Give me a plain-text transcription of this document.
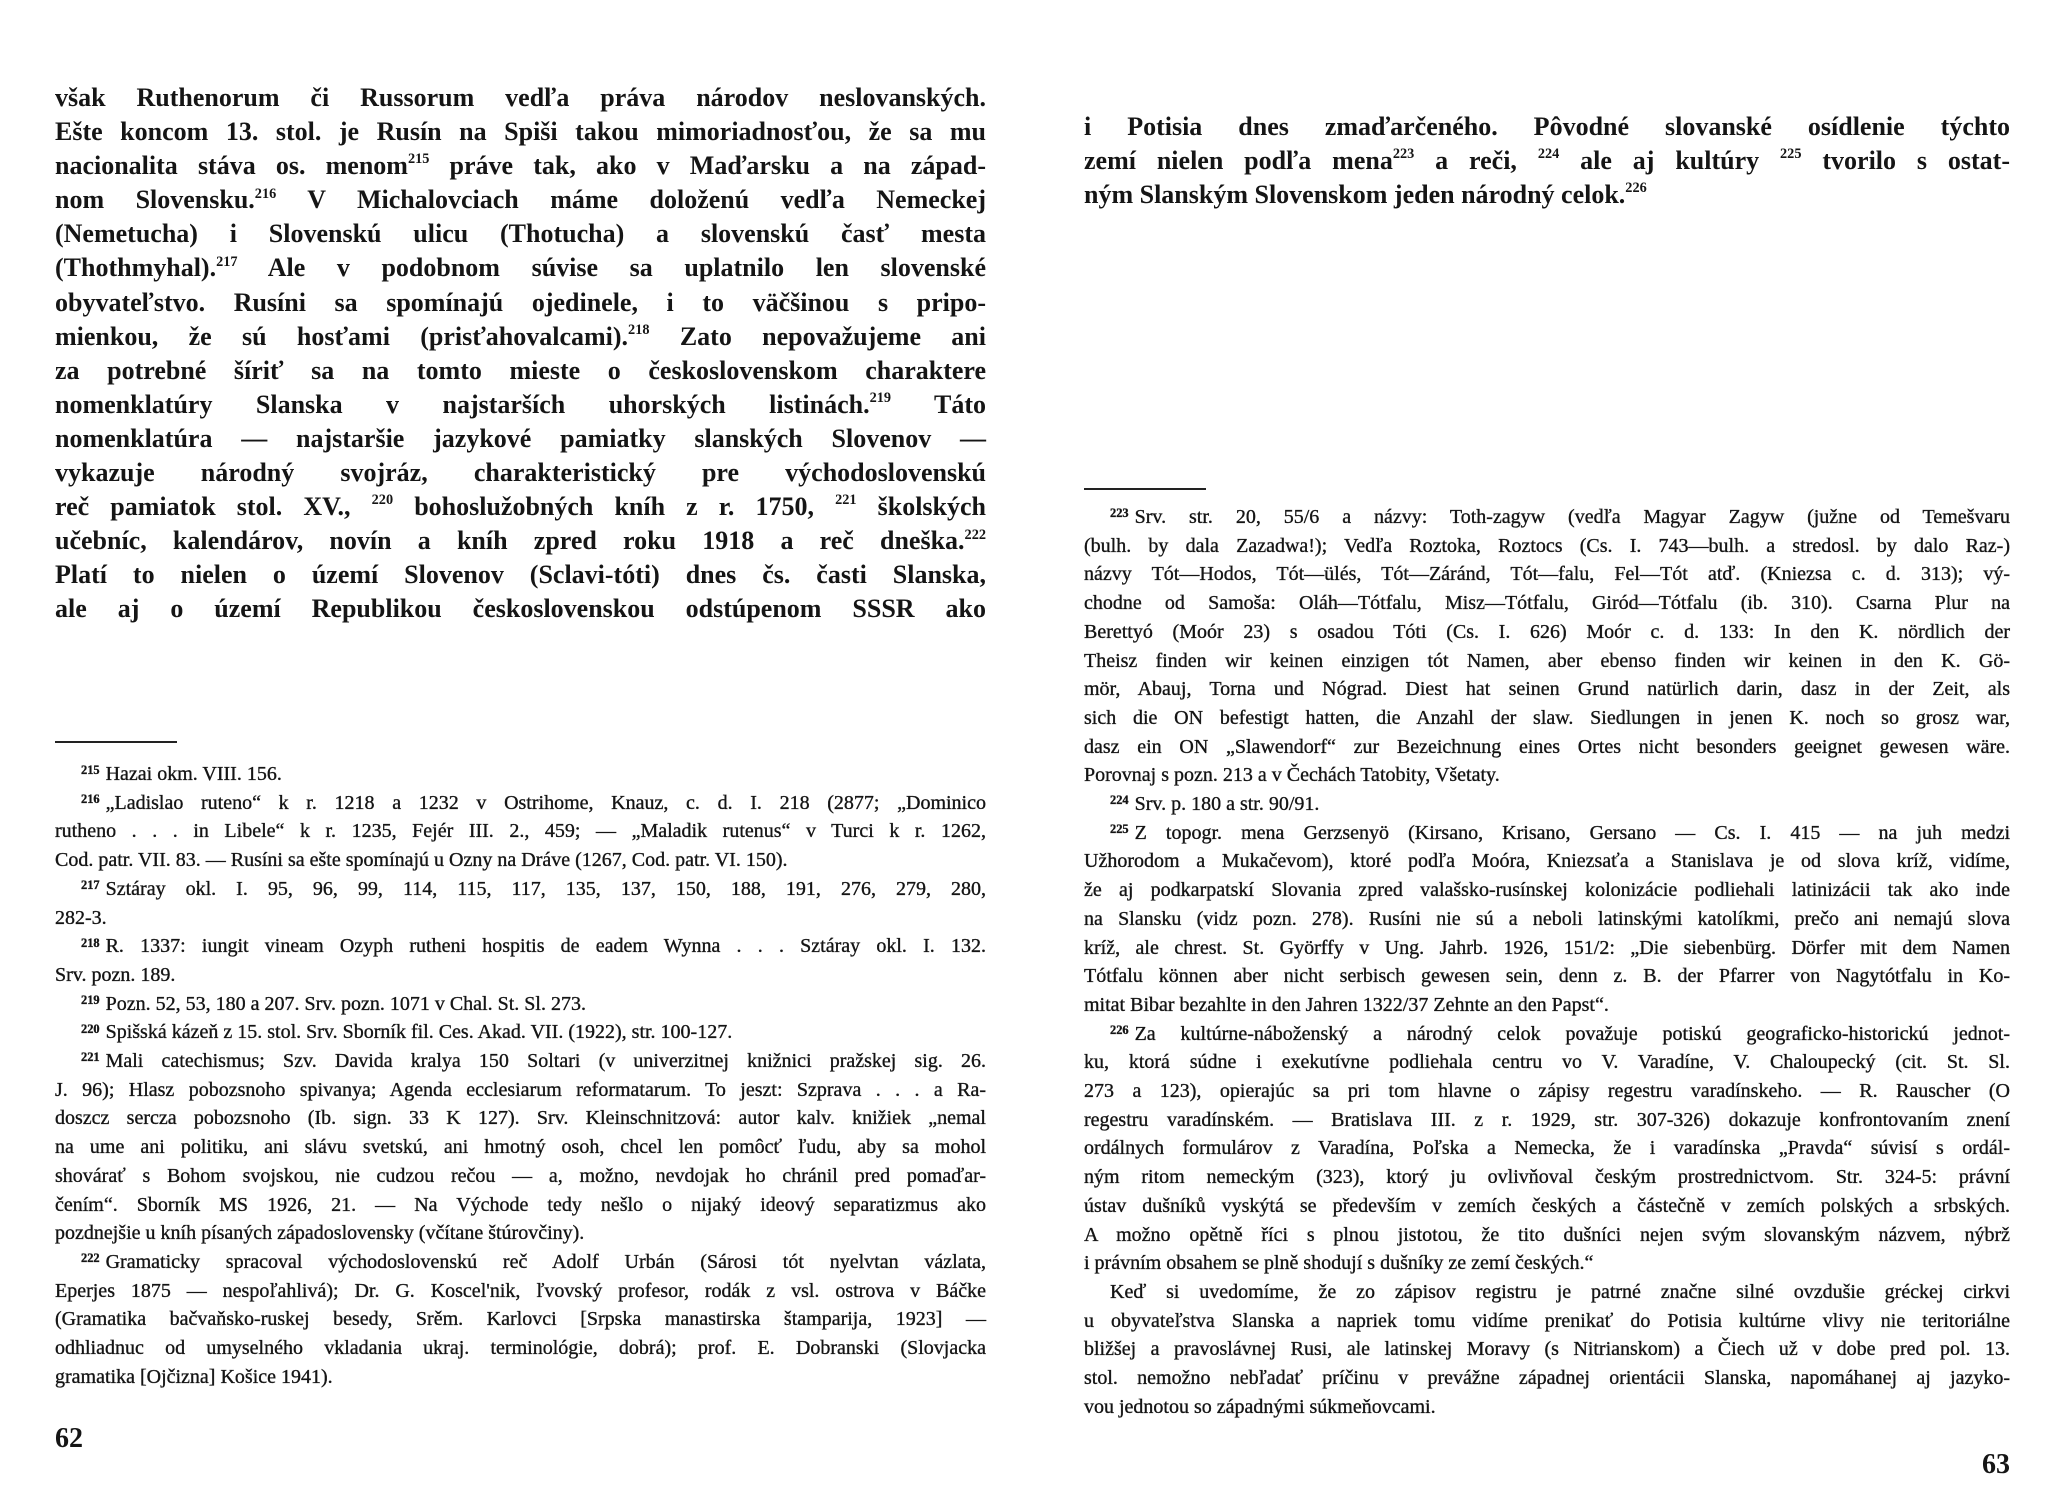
však Ruthenorum či Russorum vedľa práva národov neslovanských.
Ešte koncom 13. stol. je Rusín na Spiši takou mimoriadnosťou, že sa mu
nacionalita stáva os. menom$^{215}$ práve tak, ako v Maďarsku a na západ-
nom Slovensku.$^{216}$ V Michalovciach máme doloženú vedľa Nemeckej
(Nemetucha) i Slovenskú ulicu (Thotucha) a slovenskú časť mesta
(Thothmyhal).$^{217}$ Ale v podobnom súvise sa uplatnilo len slovenské
obyvateľstvo. Rusíni sa spomínajú ojedinele, i to väčšinou s pripo-
mienkou, že sú hosťami (prisťahovalcami).$^{218}$ Zato nepovažujeme ani
za potrebné šíriť sa na tomto mieste o československom charaktere
nomenklatúry Slanska v najstarších uhorských listinách.$^{219}$ Táto
nomenklatúra — najstaršie jazykové pamiatky slanských Slovenov —
vykazuje národný svojráz, charakteristický pre východoslovenskú
reč pamiatok stol. XV., $^{220}$ bohoslužobných kníh z r. 1750, $^{221}$ školských
učebníc, kalendárov, novín a kníh zpred roku 1918 a reč dneška.$^{222}$
Platí to nielen o území Slovenov (Sclavi-tóti) dnes čs. časti Slanska,
ale aj o území Republikou československou odstúpenom SSSR ako
$^{215}$ Hazai okm. VIII. 156.
$^{216}$ „Ladislao ruteno“ k r. 1218 a 1232 v Ostrihome, Knauz, c. d. I. 218 (2877; „Dominico
rutheno . . . in Libele“ k r. 1235, Fejér III. 2., 459; — „Maladik rutenus“ v Turci k r. 1262,
Cod. patr. VII. 83. — Rusíni sa ešte spomínajú u Ozny na Dráve (1267, Cod. patr. VI. 150).
$^{217}$ Sztáray okl. I. 95, 96, 99, 114, 115, 117, 135, 137, 150, 188, 191, 276, 279, 280,
282-3.
$^{218}$ R. 1337: iungit vineam Ozyph rutheni hospitis de eadem Wynna . . . Sztáray okl. I. 132.
Srv. pozn. 189.
$^{219}$ Pozn. 52, 53, 180 a 207. Srv. pozn. 1071 v Chal. St. Sl. 273.
$^{220}$ Spišská kázeň z 15. stol. Srv. Sborník fil. Ces. Akad. VII. (1922), str. 100-127.
$^{221}$ Mali catechismus; Szv. Davida kralya 150 Soltari (v univerzitnej knižnici pražskej sig. 26.
J. 96); Hlasz pobozsnoho spivanya; Agenda ecclesiarum reformatarum. To jeszt: Szprava . . . a Ra-
doszcz sercza pobozsnoho (Ib. sign. 33 K 127). Srv. Kleinschnitzová: autor kalv. knižiek „nemal
na ume ani politiku, ani slávu svetskú, ani hmotný osoh, chcel len pomôcť ľudu, aby sa mohol
shovárať s Bohom svojskou, nie cudzou rečou — a, možno, nevdojak ho chránil pred pomaďar-
čením“. Sborník MS 1926, 21. — Na Východe tedy nešlo o nijaký ideový separatizmus ako
pozdnejšie u kníh písaných západoslovensky (včítane štúrovčiny).
$^{222}$ Gramaticky spracoval východoslovenskú reč Adolf Urbán (Sárosi tót nyelvtan vázlata,
Eperjes 1875 — nespoľahlivá); Dr. G. Koscel'nik, ľvovský profesor, rodák z vsl. ostrova v Báčke
(Gramatika bačvaňsko-ruskej besedy, Srěm. Karlovci [Srpska manastirska štamparija, 1923] —
odhliadnuc od umyselného vkladania ukraj. terminológie, dobrá); prof. E. Dobranski (Slovjacka
gramatika [Ojčizna] Košice 1941).
62
i Potisia dnes zmaďarčeného. Pôvodné slovanské osídlenie týchto
zemí nielen podľa mena$^{223}$ a reči, $^{224}$ ale aj kultúry $^{225}$ tvorilo s ostat-
ným Slanským Slovenskom jeden národný celok.$^{226}$
$^{223}$ Srv. str. 20, 55/6 a názvy: Toth-zagyw (vedľa Magyar Zagyw (južne od Temešvaru
(bulh. by dala Zazadwa!); Vedľa Roztoka, Roztocs (Cs. I. 743—bulh. a stredosl. by dalo Raz-)
názvy Tót—Hodos, Tót—ülés, Tót—Záránd, Tót—falu, Fel—Tót atď. (Kniezsa c. d. 313); vý-
chodne od Samoša: Oláh—Tótfalu, Misz—Tótfalu, Giród—Tótfalu (ib. 310). Csarna Plur na
Berettyó (Moór 23) s osadou Tóti (Cs. I. 626) Moór c. d. 133: In den K. nördlich der
Theisz finden wir keinen einzigen tót Namen, aber ebenso finden wir keinen in den K. Gö-
mör, Abauj, Torna und Nógrad. Diest hat seinen Grund natürlich darin, dasz in der Zeit, als
sich die ON befestigt hatten, die Anzahl der slaw. Siedlungen in jenen K. noch so grosz war,
dasz ein ON „Slawendorf“ zur Bezeichnung eines Ortes nicht besonders geeignet gewesen wäre.
Porovnaj s pozn. 213 a v Čechách Tatobity, Všetaty.
$^{224}$ Srv. p. 180 a str. 90/91.
$^{225}$ Z topogr. mena Gerzsenyö (Kirsano, Krisano, Gersano — Cs. I. 415 — na juh medzi
Užhorodom a Mukačevom), ktoré podľa Moóra, Kniezsaťa a Stanislava je od slova kríž, vidíme,
že aj podkarpatskí Slovania zpred valašsko-rusínskej kolonizácie podliehali latinizácii tak ako inde
na Slansku (vidz pozn. 278). Rusíni nie sú a neboli latinskými katolíkmi, prečo ani nemajú slova
kríž, ale chrest. St. Györffy v Ung. Jahrb. 1926, 151/2: „Die siebenbürg. Dörfer mit dem Namen
Tótfalu können aber nicht serbisch gewesen sein, denn z. B. der Pfarrer von Nagytótfalu in Ko-
mitat Bibar bezahlte in den Jahren 1322/37 Zehnte an den Papst“.
$^{226}$ Za kultúrne-náboženský a národný celok považuje potiskú geograficko-historickú jednot-
ku, ktorá súdne i exekutívne podliehala centru vo V. Varadíne, V. Chaloupecký (cit. St. Sl.
273 a 123), opierajúc sa pri tom hlavne o zápisy regestru varadínskeho. — R. Rauscher (O
regestru varadínském. — Bratislava III. z r. 1929, str. 307-326) dokazuje konfrontovaním znení
ordálnych formulárov z Varadína, Poľska a Nemecka, že i varadínska „Pravda“ súvisí s ordál-
ným ritom nemeckým (323), ktorý ju ovlivňoval českým prostrednictvom. Str. 324-5: právní
ústav dušníků vyskýtá se především v zemích českých a částečně v zemích polských a srbských.
A možno opětně říci s plnou jistotou, že tito dušníci nejen svým slovanským názvem, nýbrž
i právním obsahem se plně shodují s dušníky ze zemí českých.“
Keď si uvedomíme, že zo zápisov registru je patrné značne silné ovzdušie gréckej cirkvi
u obyvateľstva Slanska a napriek tomu vidíme prenikať do Potisia kultúrne vlivy nie teritoriálne
bližšej a pravoslávnej Rusi, ale latinskej Moravy (s Nitrianskom) a Čiech už v dobe pred pol. 13.
stol. nemožno nebľadať príčinu v prevážne západnej orientácii Slanska, napomáhanej aj jazyko-
vou jednotou so západnými súkmeňovcami.
63
